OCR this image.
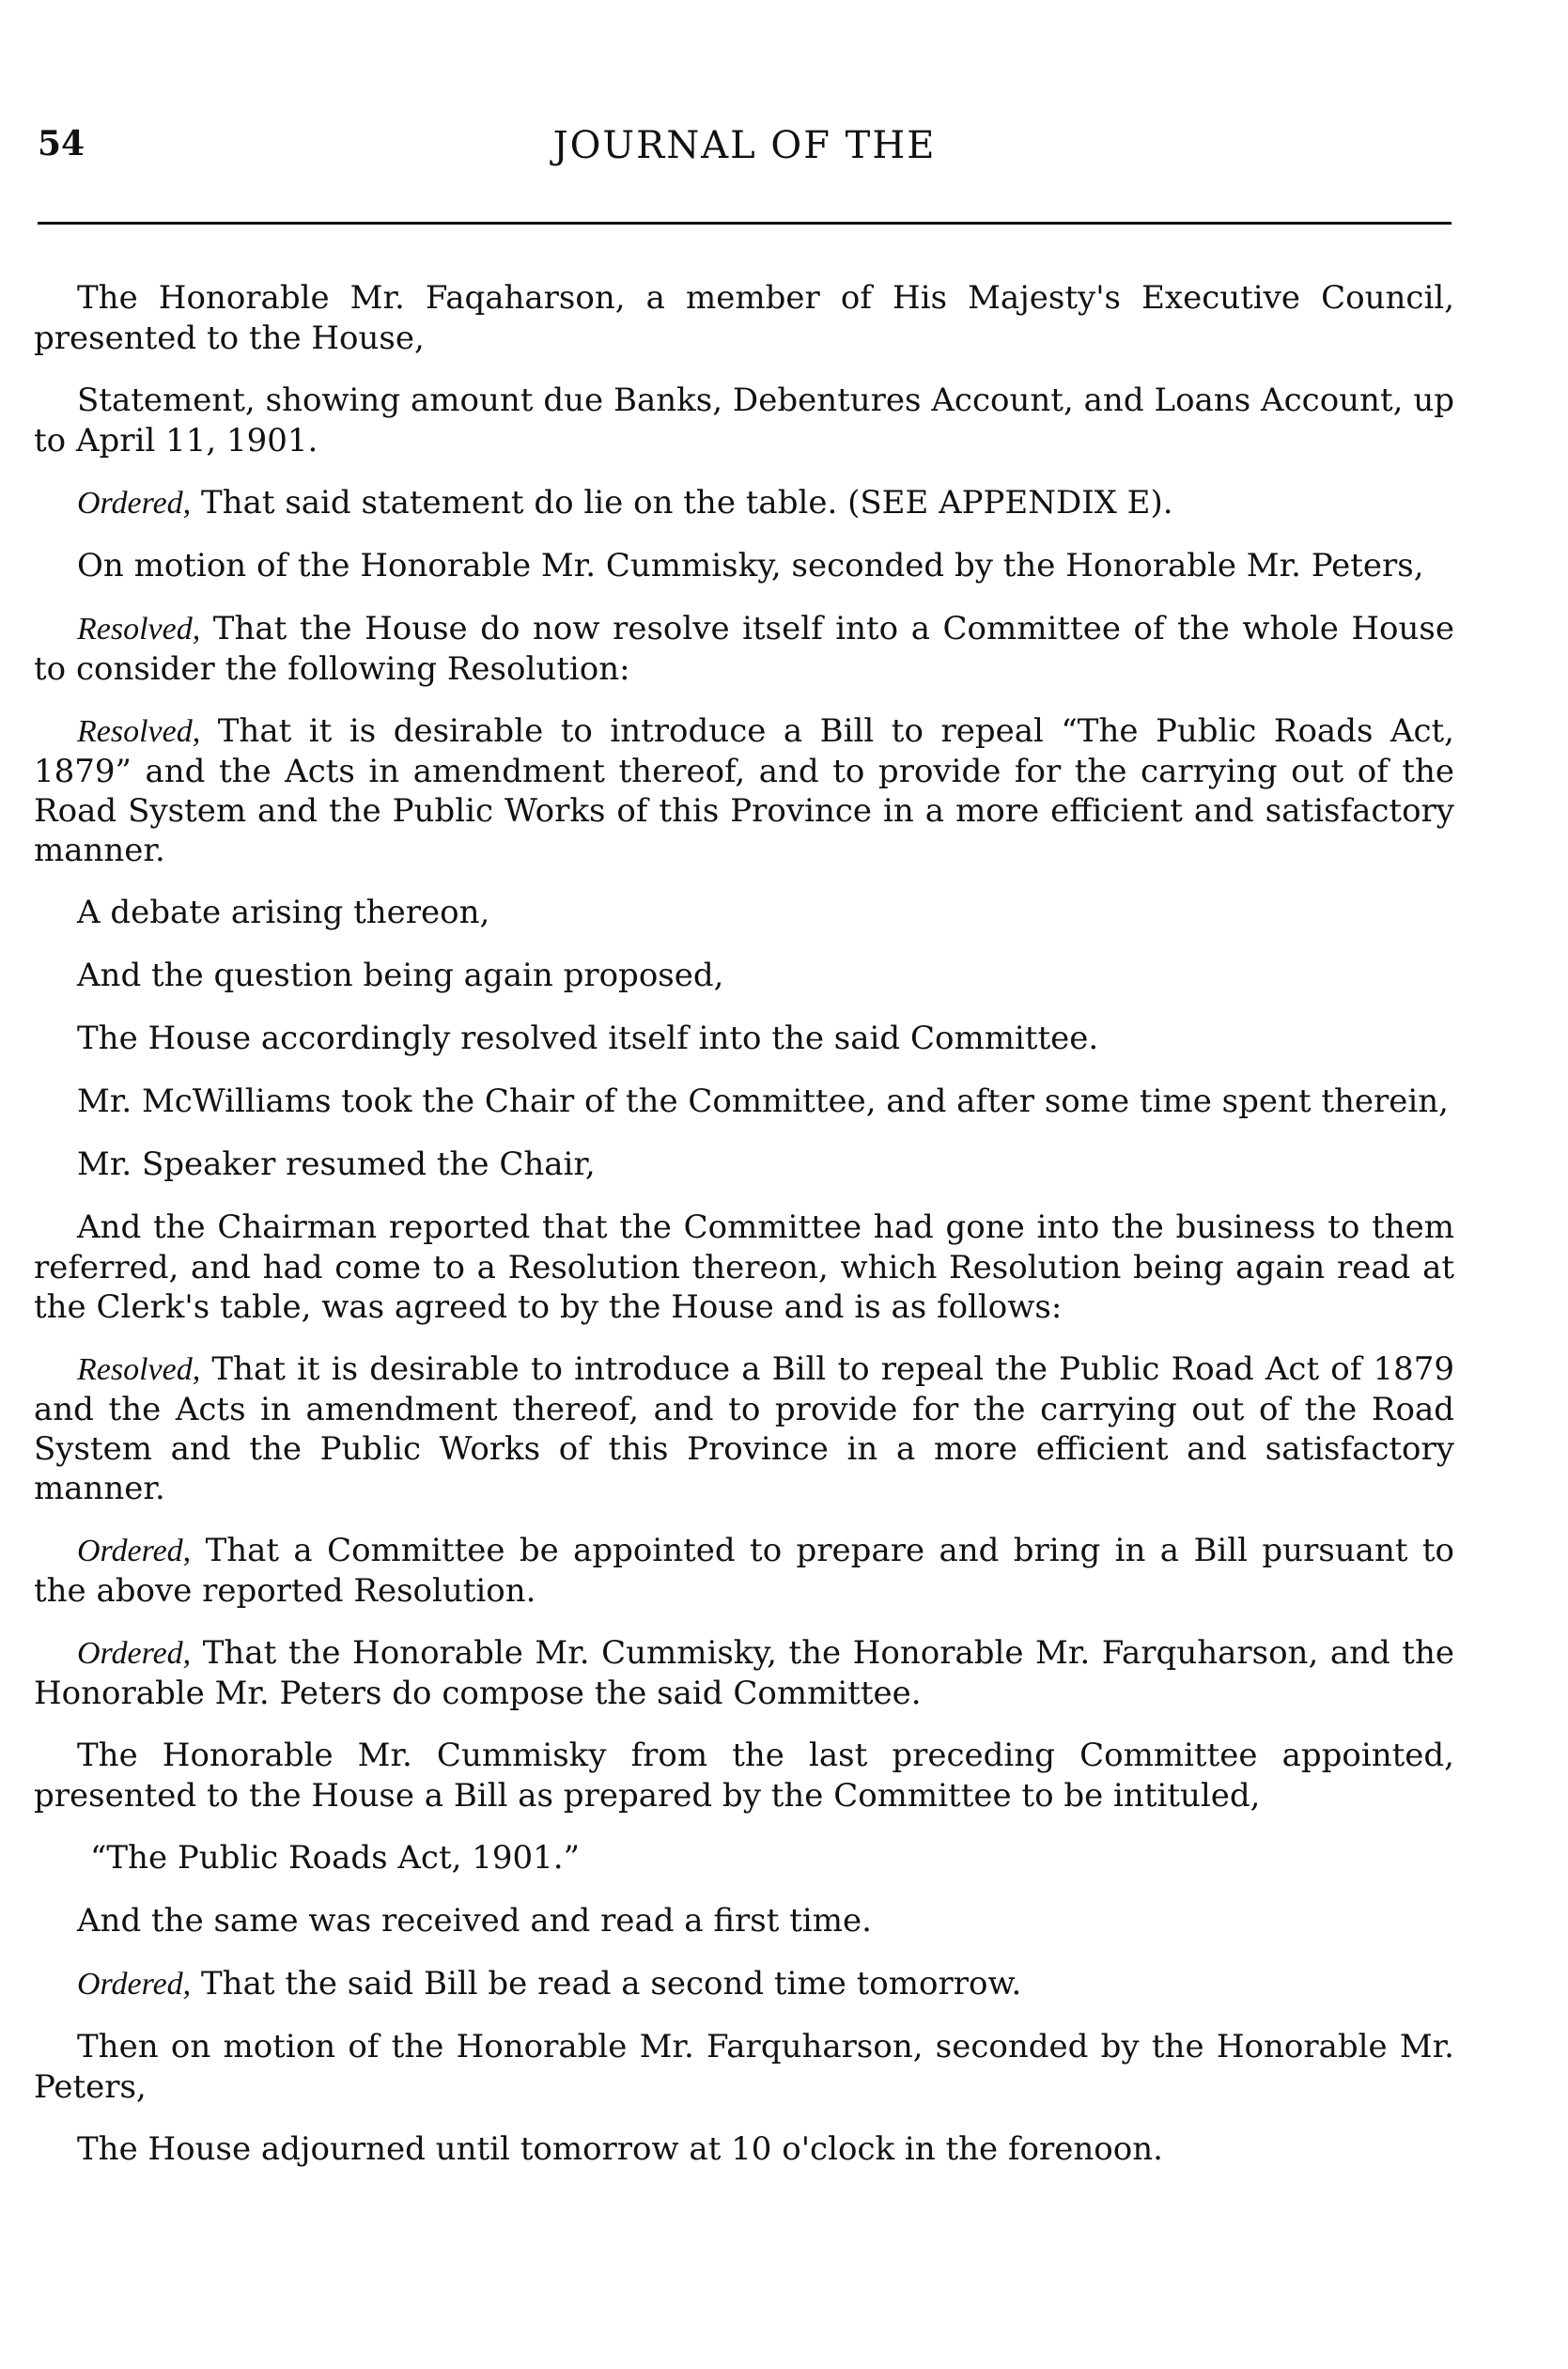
54	JOURNAL OF THE

The Honorable Mr. Faqaharson, a member of His Majesty's Executive Council, presented to the House,

Statement, showing amount due Banks, Debentures Account, and Loans Account, up to April 11, 1901.

Ordered, That said statement do lie on the table. (SEE APPENDIX E).

On motion of the Honorable Mr. Cummisky, seconded by the Honorable Mr. Peters,

Resolved, That the House do now resolve itself into a Committee of the whole House to consider the following Resolution:

Resolved, That it is desirable to introduce a Bill to repeal “The Public Roads Act, 1879” and the Acts in amendment thereof, and to provide for the carrying out of the Road System and the Public Works of this Province in a more efficient and satisfactory manner.

A debate arising thereon,

And the question being again proposed,

The House accordingly resolved itself into the said Committee.

Mr. McWilliams took the Chair of the Committee, and after some time spent therein,

Mr. Speaker resumed the Chair,

And the Chairman reported that the Committee had gone into the business to them referred, and had come to a Resolution thereon, which Resolution being again read at the Clerk's table, was agreed to by the House and is as follows:

Resolved, That it is desirable to introduce a Bill to repeal the Public Road Act of 1879 and the Acts in amendment thereof, and to provide for the carrying out of the Road System and the Public Works of this Province in a more efficient and satisfactory manner.

Ordered, That a Committee be appointed to prepare and bring in a Bill pursuant to the above reported Resolution.

Ordered, That the Honorable Mr. Cummisky, the Honorable Mr. Farquharson, and the Honorable Mr. Peters do compose the said Committee.

The Honorable Mr. Cummisky from the last preceding Committee appointed, presented to the House a Bill as prepared by the Committee to be intituled,

“The Public Roads Act, 1901.”

And the same was received and read a first time.

Ordered, That the said Bill be read a second time tomorrow.

Then on motion of the Honorable Mr. Farquharson, seconded by the Honorable Mr. Peters,

The House adjourned until tomorrow at 10 o'clock in the forenoon.
